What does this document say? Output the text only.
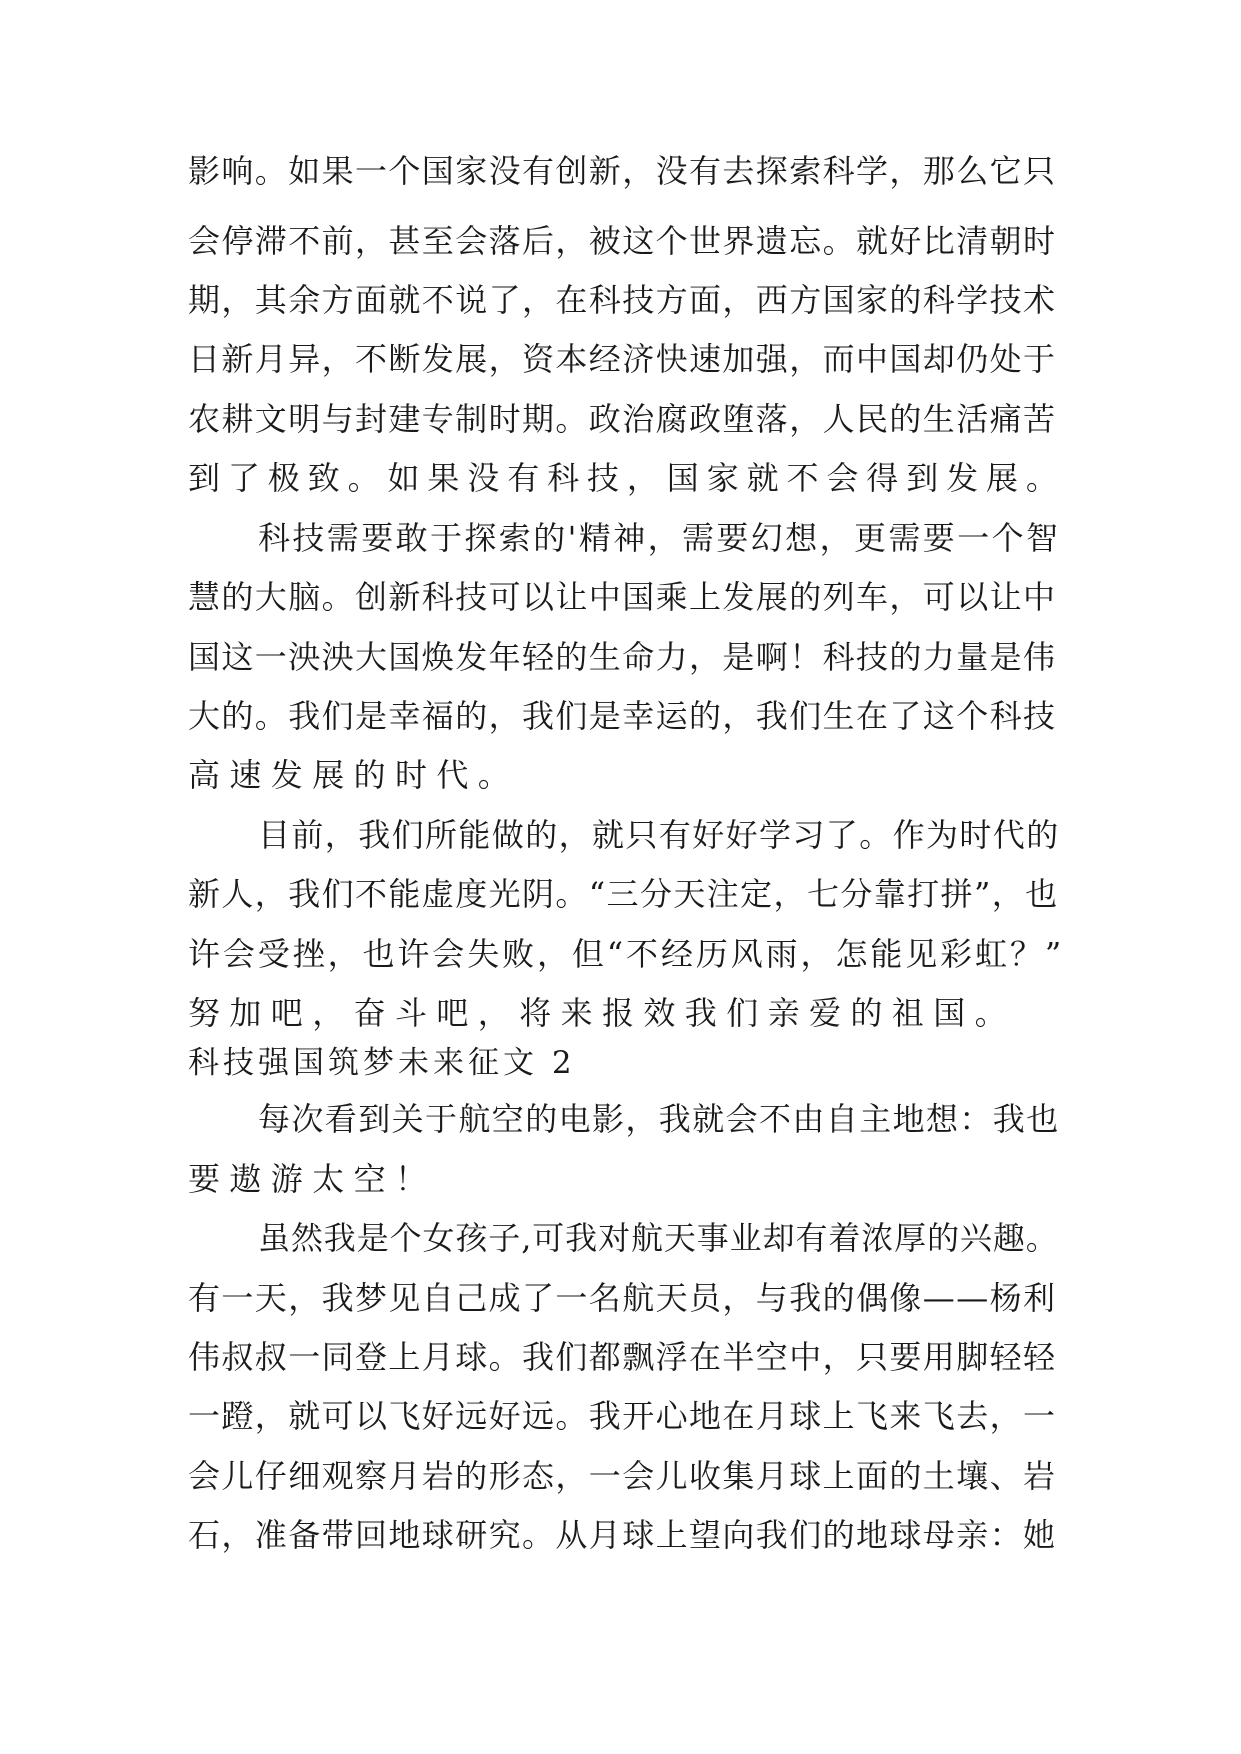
影响。如果一个国家没有创新，没有去探索科学，那么它只
会停滞不前，甚至会落后，被这个世界遗忘。就好比清朝时
期，其余方面就不说了，在科技方面，西方国家的科学技术
日新月异，不断发展，资本经济快速加强，而中国却仍处于
农耕文明与封建专制时期。政治腐政堕落，人民的生活痛苦
到了极致。如果没有科技，国家就不会得到发展。
科技需要敢于探索的'精神，需要幻想，更需要一个智
慧的大脑。创新科技可以让中国乘上发展的列车，可以让中
国这一泱泱大国焕发年轻的生命力，是啊！科技的力量是伟
大的。我们是幸福的，我们是幸运的，我们生在了这个科技
高速发展的时代。
目前，我们所能做的，就只有好好学习了。作为时代的
新人，我们不能虚度光阴。“三分天注定，七分靠打拼”，也
许会受挫，也许会失败，但“不经历风雨，怎能见彩虹？”
努加吧，奋斗吧，将来报效我们亲爱的祖国。
科技强国筑梦未来征文 2
每次看到关于航空的电影，我就会不由自主地想：我也
要遨游太空！
虽然我是个女孩子,可我对航天事业却有着浓厚的兴趣。
有一天，我梦见自己成了一名航天员，与我的偶像——杨利
伟叔叔一同登上月球。我们都飘浮在半空中，只要用脚轻轻
一蹬，就可以飞好远好远。我开心地在月球上飞来飞去，一
会儿仔细观察月岩的形态，一会儿收集月球上面的土壤、岩
石，准备带回地球研究。从月球上望向我们的地球母亲：她
